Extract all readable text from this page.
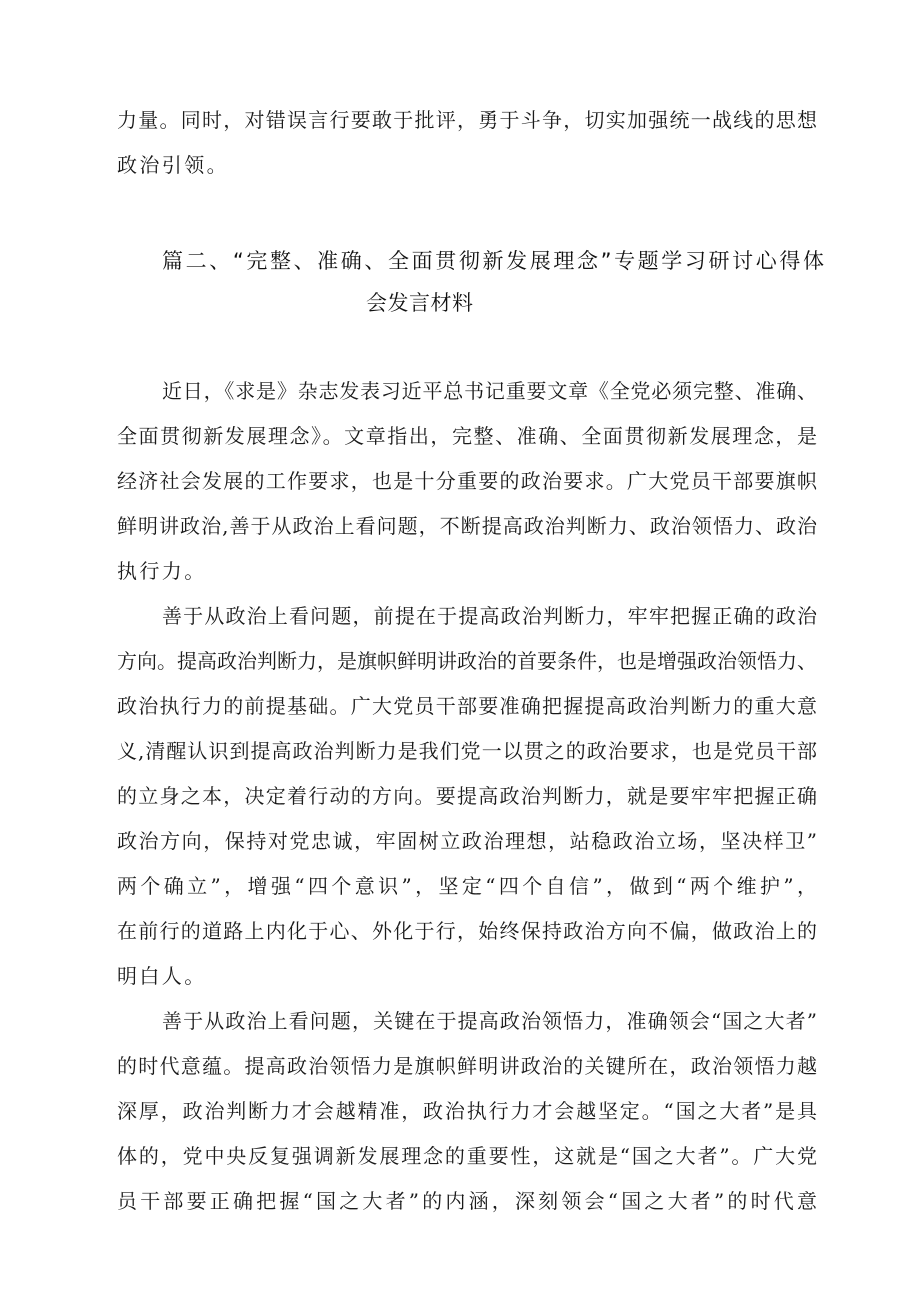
力量。同时，对错误言行要敢于批评，勇于斗争，切实加强统一战线的思想
政治引领。
篇二、“完整、准确、全面贯彻新发展理念”专题学习研讨心得体
会发言材料
近日，《求是》杂志发表习近平总书记重要文章《全党必须完整、准确、
全面贯彻新发展理念》。文章指出，完整、准确、全面贯彻新发展理念，是
经济社会发展的工作要求，也是十分重要的政治要求。广大党员干部要旗帜
鲜明讲政治,善于从政治上看问题，不断提高政治判断力、政治领悟力、政治
执行力。
善于从政治上看问题，前提在于提高政治判断力，牢牢把握正确的政治
方向。提高政治判断力，是旗帜鲜明讲政治的首要条件，也是增强政治领悟力、
政治执行力的前提基础。广大党员干部要准确把握提高政治判断力的重大意
义,清醒认识到提高政治判断力是我们党一以贯之的政治要求，也是党员干部
的立身之本，决定着行动的方向。要提高政治判断力，就是要牢牢把握正确
政治方向，保持对党忠诚，牢固树立政治理想，站稳政治立场，坚决样卫”
两个确立”，增强“四个意识”，坚定“四个自信”，做到“两个维护”，
在前行的道路上内化于心、外化于行，始终保持政治方向不偏，做政治上的
明白人。
善于从政治上看问题，关键在于提高政治领悟力，准确领会“国之大者”
的时代意蕴。提高政治领悟力是旗帜鲜明讲政治的关键所在，政治领悟力越
深厚，政治判断力才会越精准，政治执行力才会越坚定。“国之大者”是具
体的，党中央反复强调新发展理念的重要性，这就是“国之大者”。广大党
员干部要正确把握“国之大者”的内涵，深刻领会“国之大者”的时代意
